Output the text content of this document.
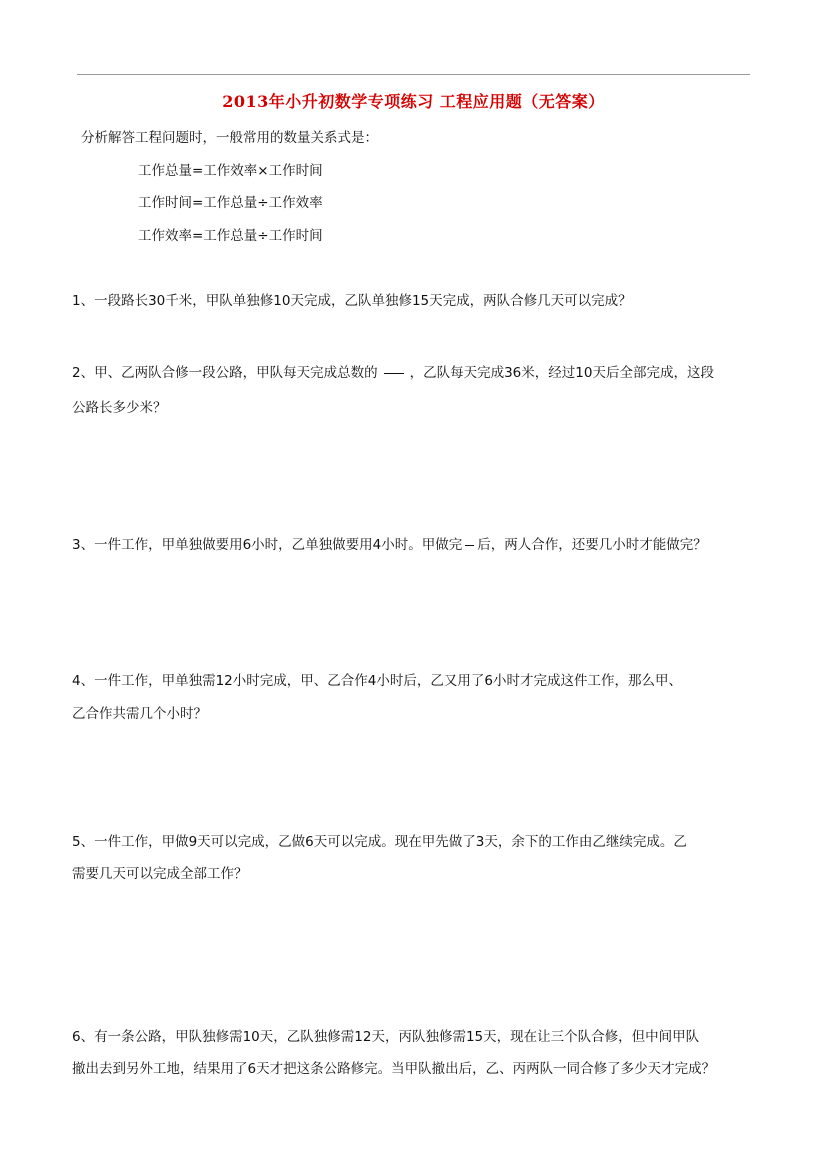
2013年小升初数学专项练习 工程应用题（无答案）
分析解答工程问题时，一般常用的数量关系式是：
工作总量=工作效率×工作时间
工作时间=工作总量÷工作效率
工作效率=工作总量÷工作时间
1、一段路长30千米，甲队单独修10天完成，乙队单独修15天完成，两队合修几天可以完成？
2、甲、乙两队合修一段公路，甲队每天完成总数的 ，乙队每天完成36米，经过10天后全部完成，这段
公路长多少米？
3、一件工作，甲单独做要用6小时，乙单独做要用4小时。甲做完 后，两人合作，还要几小时才能做完？
4、一件工作，甲单独需12小时完成，甲、乙合作4小时后，乙又用了6小时才完成这件工作，那么甲、
乙合作共需几个小时？
5、一件工作，甲做9天可以完成，乙做6天可以完成。现在甲先做了3天，余下的工作由乙继续完成。乙
需要几天可以完成全部工作？
6、有一条公路，甲队独修需10天，乙队独修需12天，丙队独修需15天，现在让三个队合修，但中间甲队
撤出去到另外工地，结果用了6天才把这条公路修完。当甲队撤出后，乙、丙两队一同合修了多少天才完成？
